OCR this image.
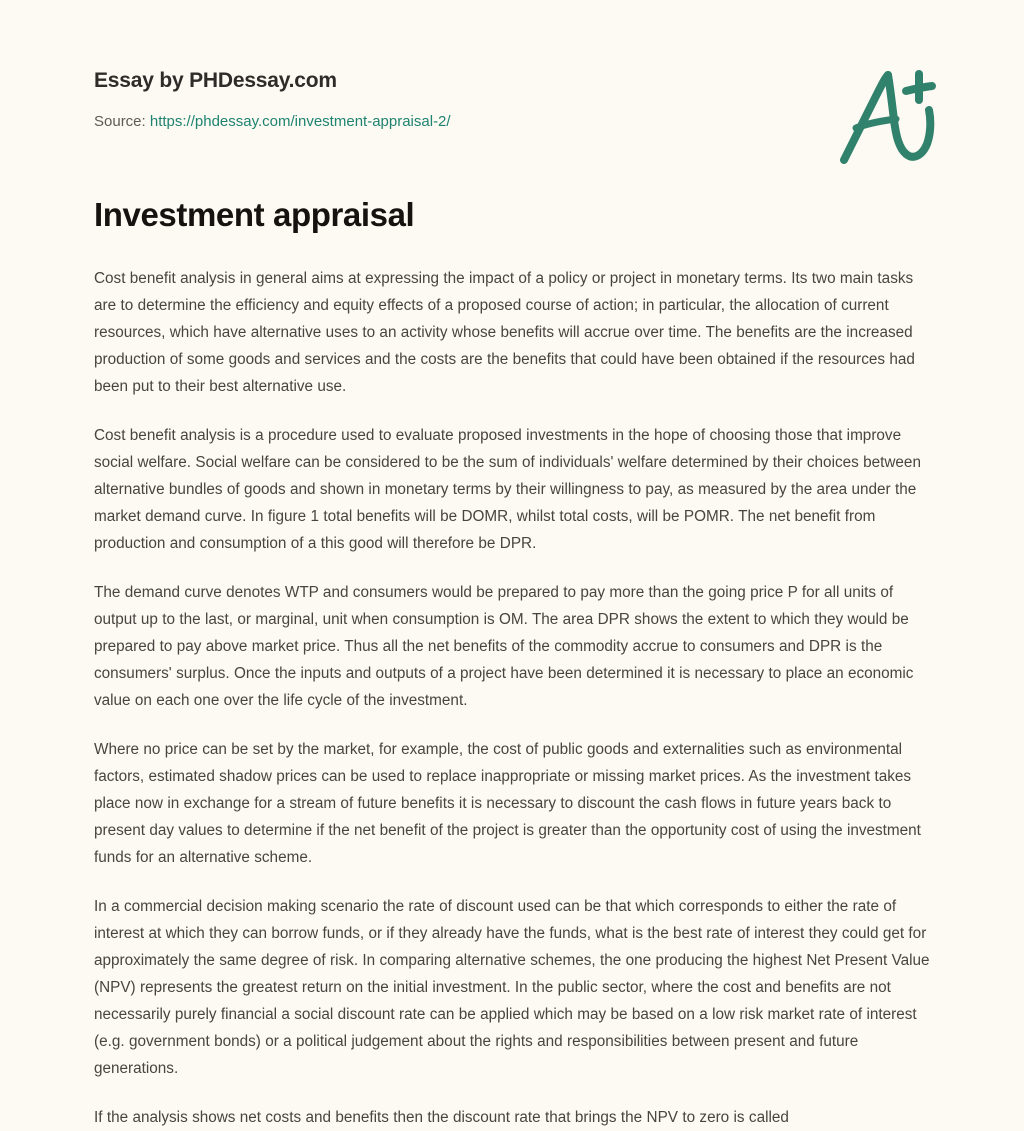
Essay by PHDessay.com
Source: https://phdessay.com/investment-appraisal-2/
Investment appraisal

Cost benefit analysis in general aims at expressing the impact of a policy or project in monetary terms. Its two main tasks are to determine the efficiency and equity effects of a proposed course of action; in particular, the allocation of current resources, which have alternative uses to an activity whose benefits will accrue over time. The benefits are the increased production of some goods and services and the costs are the benefits that could have been obtained if the resources had been put to their best alternative use.

Cost benefit analysis is a procedure used to evaluate proposed investments in the hope of choosing those that improve social welfare. Social welfare can be considered to be the sum of individuals' welfare determined by their choices between alternative bundles of goods and shown in monetary terms by their willingness to pay, as measured by the area under the market demand curve. In figure 1 total benefits will be DOMR, whilst total costs, will be POMR. The net benefit from production and consumption of a this good will therefore be DPR.

The demand curve denotes WTP and consumers would be prepared to pay more than the going price P for all units of output up to the last, or marginal, unit when consumption is OM. The area DPR shows the extent to which they would be prepared to pay above market price. Thus all the net benefits of the commodity accrue to consumers and DPR is the consumers' surplus. Once the inputs and outputs of a project have been determined it is necessary to place an economic value on each one over the life cycle of the investment.

Where no price can be set by the market, for example, the cost of public goods and externalities such as environmental factors, estimated shadow prices can be used to replace inappropriate or missing market prices. As the investment takes place now in exchange for a stream of future benefits it is necessary to discount the cash flows in future years back to present day values to determine if the net benefit of the project is greater than the opportunity cost of using the investment funds for an alternative scheme.

In a commercial decision making scenario the rate of discount used can be that which corresponds to either the rate of interest at which they can borrow funds, or if they already have the funds, what is the best rate of interest they could get for approximately the same degree of risk. In comparing alternative schemes, the one producing the highest Net Present Value (NPV) represents the greatest return on the initial investment. In the public sector, where the cost and benefits are not necessarily purely financial a social discount rate can be applied which may be based on a low risk market rate of interest (e.g. government bonds) or a political judgement about the rights and responsibilities between present and future generations.

If the analysis shows net costs and benefits then the discount rate that brings the NPV to zero is called
